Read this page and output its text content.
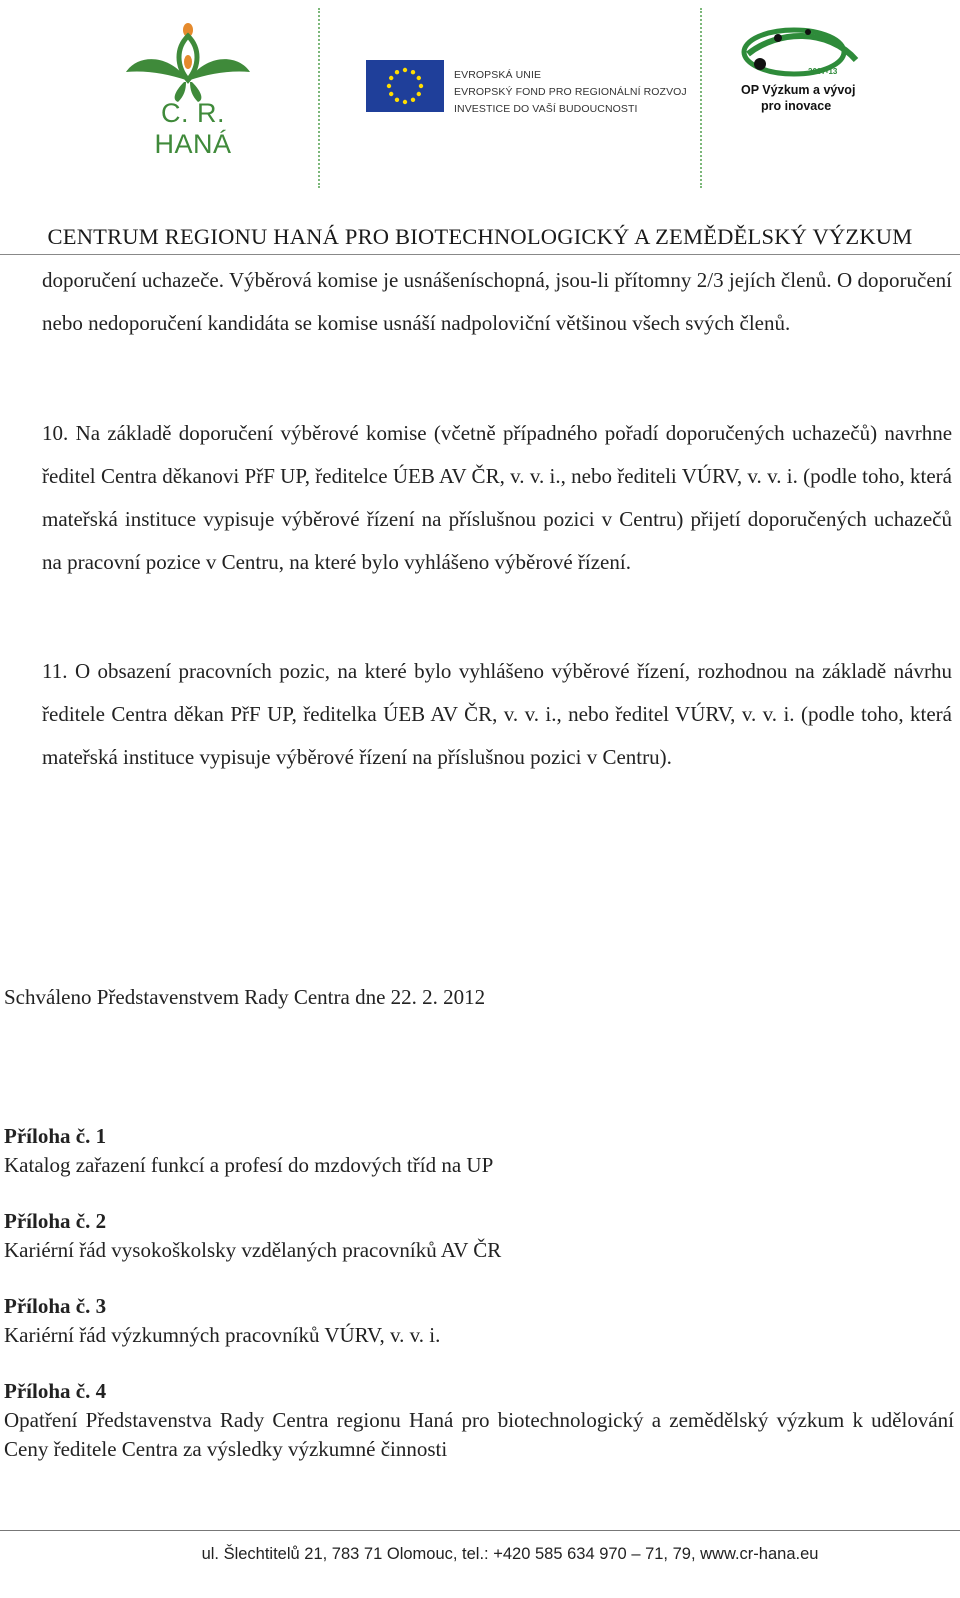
C. R. HANÁ
EVROPSKÁ UNIE
EVROPSKÝ FOND PRO REGIONÁLNÍ ROZVOJ
INVESTICE DO VAŠÍ BUDOUCNOSTI
2007-13
OP Výzkum a vývoj
pro inovace
CENTRUM REGIONU HANÁ PRO BIOTECHNOLOGICKÝ A ZEMĚDĚLSKÝ VÝZKUM
doporučení uchazeče. Výběrová komise je usnášeníschopná, jsou-li přítomny 2/3 jejích členů. O doporučení nebo nedoporučení kandidáta se komise usnáší nadpoloviční většinou všech svých členů.
10. Na základě doporučení výběrové komise (včetně případného pořadí doporučených uchazečů) navrhne ředitel Centra děkanovi PřF UP, ředitelce ÚEB AV ČR, v. v. i., nebo řediteli VÚRV, v. v. i. (podle toho, která mateřská instituce vypisuje výběrové řízení na příslušnou pozici v Centru) přijetí doporučených uchazečů na pracovní pozice v Centru, na které bylo vyhlášeno výběrové řízení.
11. O obsazení pracovních pozic, na které bylo vyhlášeno výběrové řízení, rozhodnou na základě návrhu ředitele Centra děkan PřF UP, ředitelka ÚEB AV ČR, v. v. i., nebo ředitel VÚRV, v. v. i. (podle toho, která mateřská instituce vypisuje výběrové řízení na příslušnou pozici v Centru).
Schváleno Představenstvem Rady Centra dne 22. 2. 2012
Příloha č. 1
Katalog zařazení funkcí a profesí do mzdových tříd na UP
Příloha č. 2
Kariérní řád vysokoškolsky vzdělaných pracovníků AV ČR
Příloha č. 3
Kariérní řád výzkumných pracovníků VÚRV, v. v. i.
Příloha č. 4
Opatření Představenstva Rady Centra regionu Haná pro biotechnologický a zemědělský výzkum k udělování Ceny ředitele Centra za výsledky výzkumné činnosti
ul. Šlechtitelů 21, 783 71 Olomouc, tel.: +420 585 634 970 – 71, 79, www.cr-hana.eu
